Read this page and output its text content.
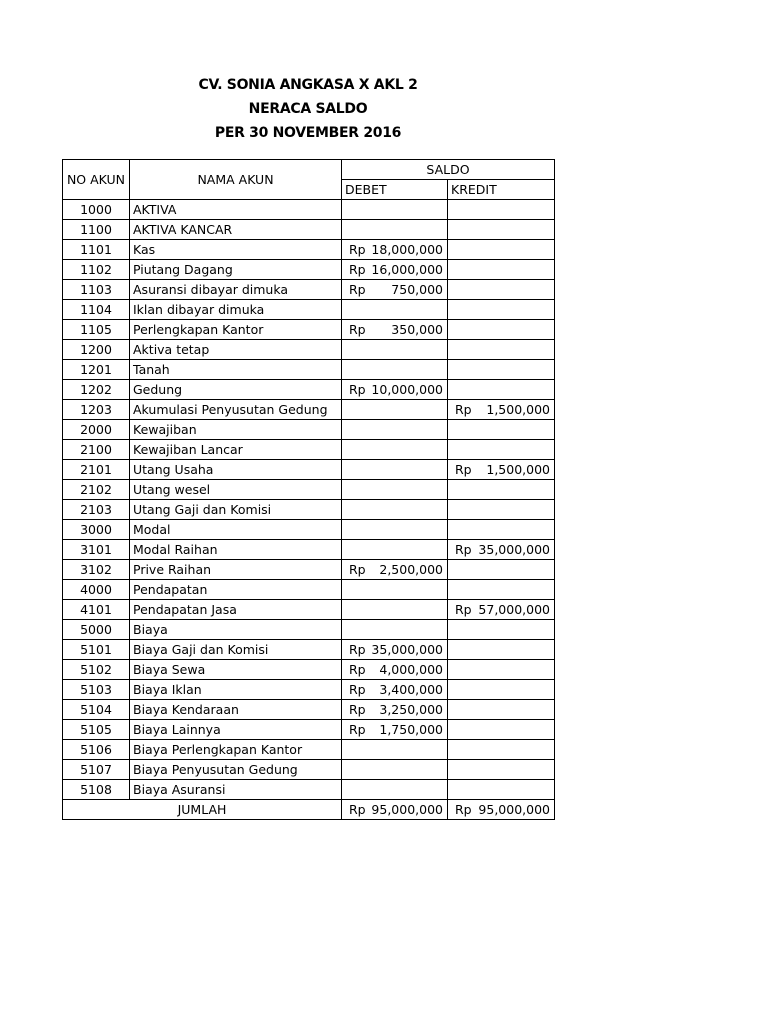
CV. SONIA ANGKASA X AKL 2
NERACA SALDO
PER 30 NOVEMBER 2016
NO AKUN	NAMA AKUN	SALDO	
		DEBET	KREDIT
1000	AKTIVA		
1100	AKTIVA KANCAR		
1101	Kas	Rp 18,000,000	

1102	Piutang Dagang	Rp 16,000,000	

1103	Asuransi dibayar dimuka	Rp 750,000	

1104	Iklan dibayar dimuka		
1105	Perlengkapan Kantor	Rp 350,000	

1200	Aktiva tetap		
1201	Tanah		
1202	Gedung	Rp 10,000,000	

1203	Akumulasi Penyusutan Gedung		Rp 1,500,000

2000	Kewajiban		
2100	Kewajiban Lancar		
2101	Utang Usaha		Rp 1,500,000

2102	Utang wesel		
2103	Utang Gaji dan Komisi		
3000	Modal		
3101	Modal Raihan		Rp 35,000,000

3102	Prive Raihan	Rp 2,500,000	

4000	Pendapatan		
4101	Pendapatan Jasa		Rp 57,000,000

5000	Biaya		
5101	Biaya Gaji dan Komisi	Rp 35,000,000	

5102	Biaya Sewa	Rp 4,000,000	

5103	Biaya Iklan	Rp 3,400,000	

5104	Biaya Kendaraan	Rp 3,250,000	

5105	Biaya Lainnya	Rp 1,750,000	

5106	Biaya Perlengkapan Kantor		
5107	Biaya Penyusutan Gedung		
5108	Biaya Asuransi		
JUMLAH		Rp 95,000,000	Rp 95,000,000
